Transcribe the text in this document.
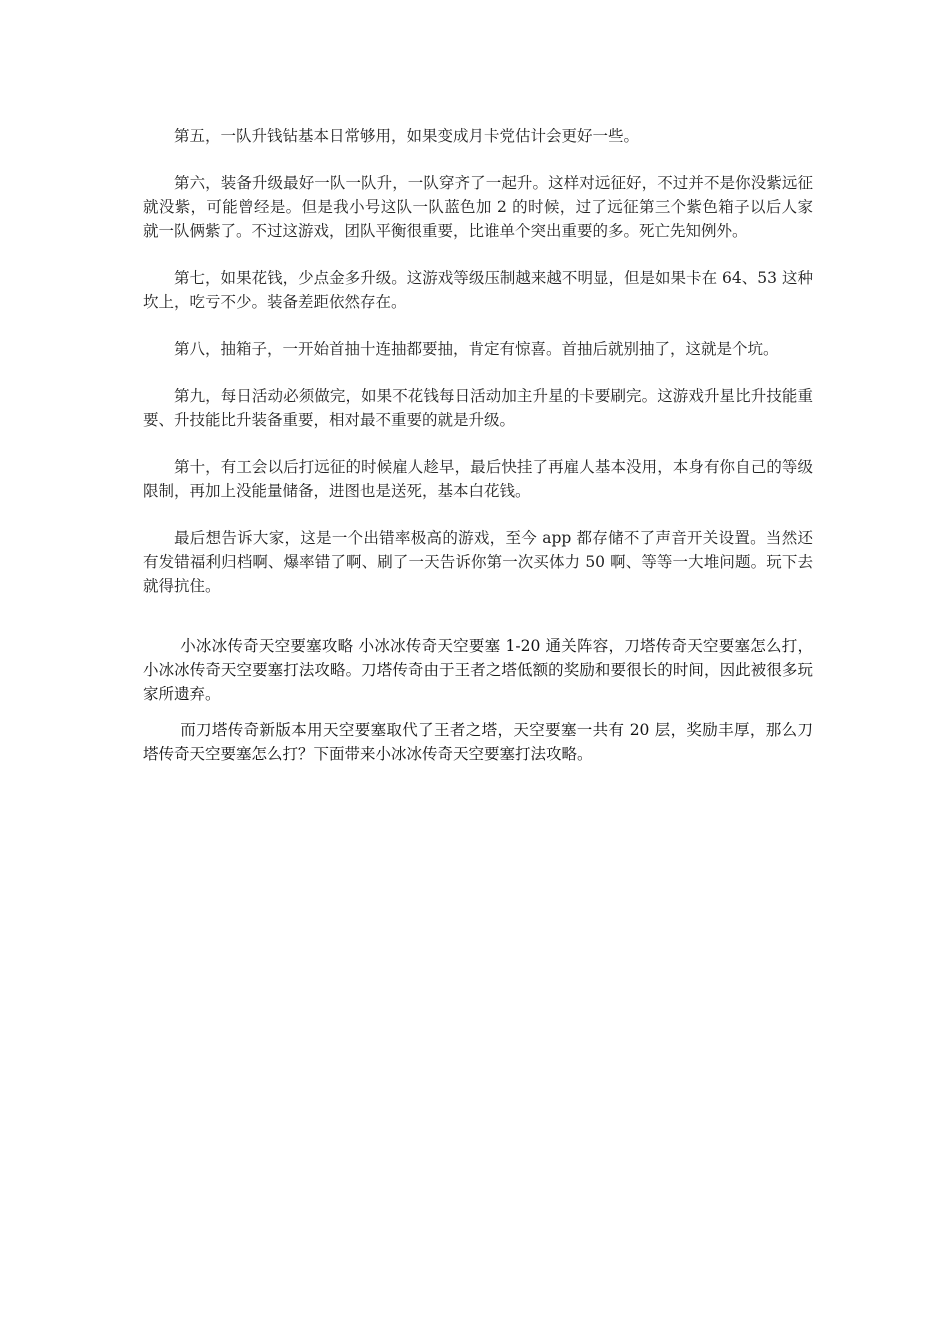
第五，一队升钱钻基本日常够用，如果变成月卡党估计会更好一些。

第六，装备升级最好一队一队升，一队穿齐了一起升。这样对远征好，不过并不是你没紫远征就没紫，可能曾经是。但是我小号这队一队蓝色加 2 的时候，过了远征第三个紫色箱子以后人家就一队俩紫了。不过这游戏，团队平衡很重要，比谁单个突出重要的多。死亡先知例外。

第七，如果花钱，少点金多升级。这游戏等级压制越来越不明显，但是如果卡在 64、53 这种坎上，吃亏不少。装备差距依然存在。

第八，抽箱子，一开始首抽十连抽都要抽，肯定有惊喜。首抽后就别抽了，这就是个坑。

第九，每日活动必须做完，如果不花钱每日活动加主升星的卡要刷完。这游戏升星比升技能重要、升技能比升装备重要，相对最不重要的就是升级。

第十，有工会以后打远征的时候雇人趁早，最后快挂了再雇人基本没用，本身有你自己的等级限制，再加上没能量储备，进图也是送死，基本白花钱。

最后想告诉大家，这是一个出错率极高的游戏，至今 app 都存储不了声音开关设置。当然还有发错福利归档啊、爆率错了啊、刷了一天告诉你第一次买体力 50 啊、等等一大堆问题。玩下去就得抗住。

小冰冰传奇天空要塞攻略 小冰冰传奇天空要塞 1-20 通关阵容，刀塔传奇天空要塞怎么打，小冰冰传奇天空要塞打法攻略。刀塔传奇由于王者之塔低额的奖励和要很长的时间，因此被很多玩家所遗弃。

而刀塔传奇新版本用天空要塞取代了王者之塔，天空要塞一共有 20 层，奖励丰厚，那么刀塔传奇天空要塞怎么打？下面带来小冰冰传奇天空要塞打法攻略。
